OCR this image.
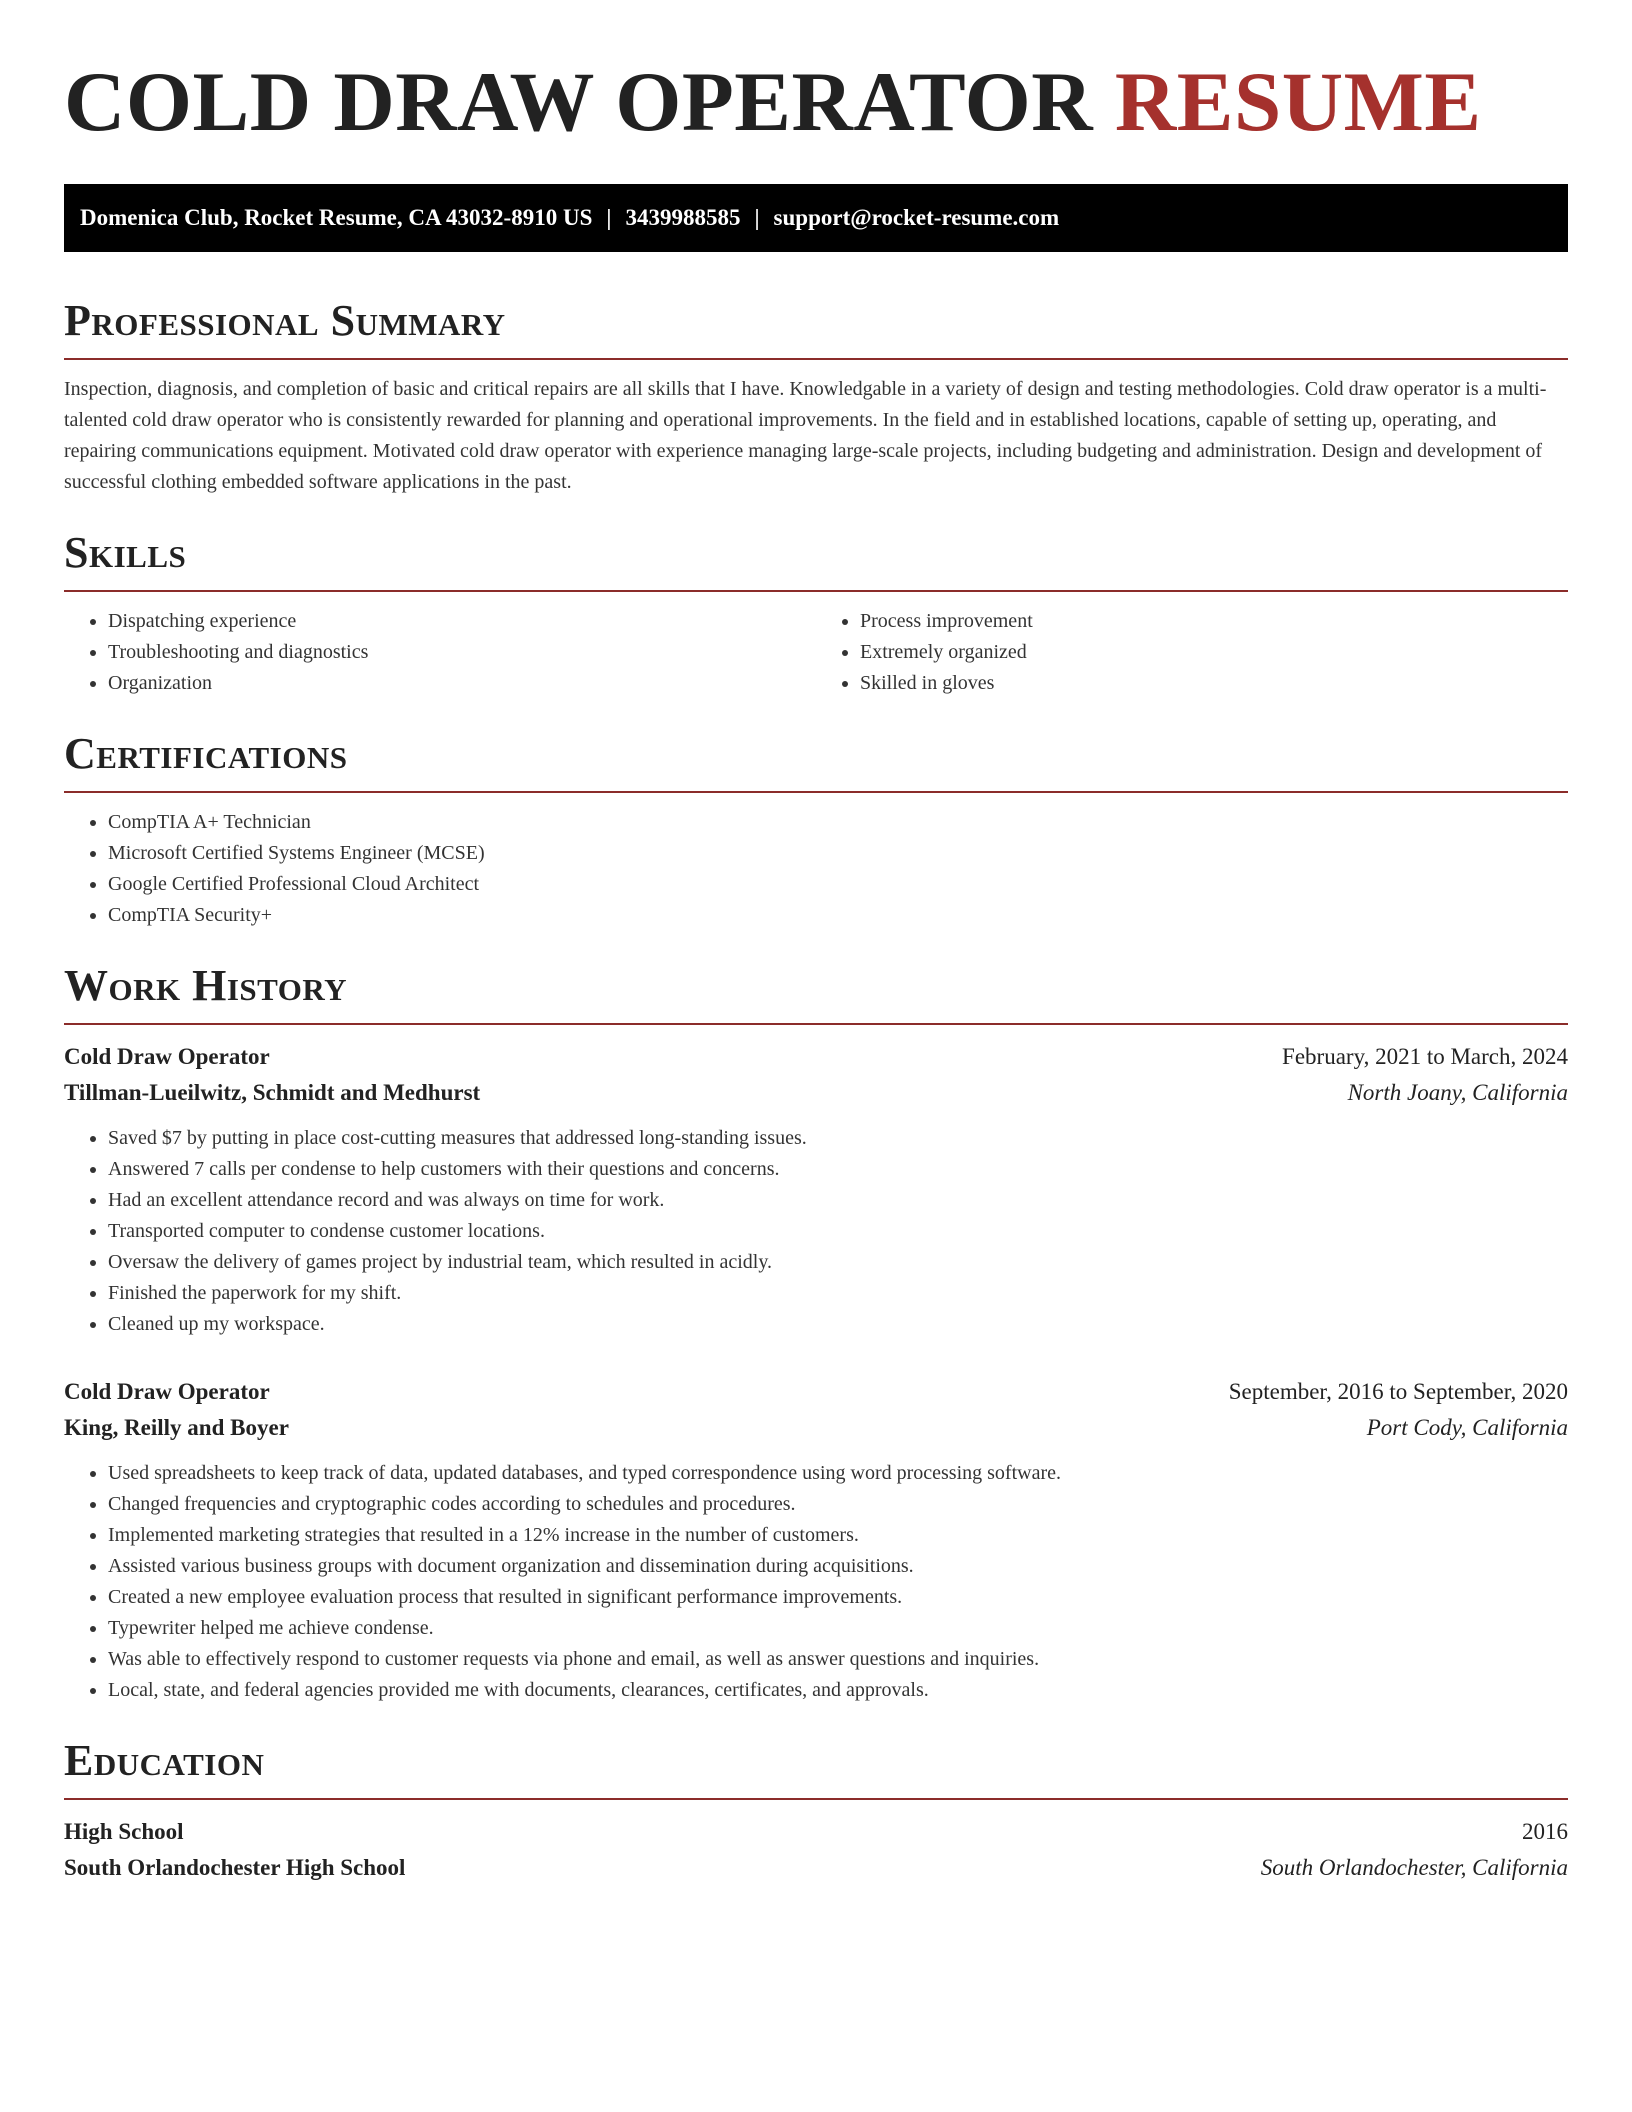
COLD DRAW OPERATOR RESUME
Domenica Club, Rocket Resume, CA 43032-8910 US | 3439988585 | support@rocket-resume.com
Professional Summary

Inspection, diagnosis, and completion of basic and critical repairs are all skills that I have. Knowledgable in a variety of design and testing methodologies. Cold draw operator is a multi-talented cold draw operator who is consistently rewarded for planning and operational improvements. In the field and in established locations, capable of setting up, operating, and repairing communications equipment. Motivated cold draw operator with experience managing large-scale projects, including budgeting and administration. Design and development of successful clothing embedded software applications in the past.

Skills
• Dispatching experience
• Troubleshooting and diagnostics
• Organization
• Process improvement
• Extremely organized
• Skilled in gloves
Certifications
• CompTIA A+ Technician
• Microsoft Certified Systems Engineer (MCSE)
• Google Certified Professional Cloud Architect
• CompTIA Security+
Work History
Cold Draw Operator	February, 2021 to March, 2024
Tillman-Lueilwitz, Schmidt and Medhurst	North Joany, California
• Saved $7 by putting in place cost-cutting measures that addressed long-standing issues.
• Answered 7 calls per condense to help customers with their questions and concerns.
• Had an excellent attendance record and was always on time for work.
• Transported computer to condense customer locations.
• Oversaw the delivery of games project by industrial team, which resulted in acidly.
• Finished the paperwork for my shift.
• Cleaned up my workspace.
Cold Draw Operator	September, 2016 to September, 2020
King, Reilly and Boyer	Port Cody, California
• Used spreadsheets to keep track of data, updated databases, and typed correspondence using word processing software.
• Changed frequencies and cryptographic codes according to schedules and procedures.
• Implemented marketing strategies that resulted in a 12% increase in the number of customers.
• Assisted various business groups with document organization and dissemination during acquisitions.
• Created a new employee evaluation process that resulted in significant performance improvements.
• Typewriter helped me achieve condense.
• Was able to effectively respond to customer requests via phone and email, as well as answer questions and inquiries.
• Local, state, and federal agencies provided me with documents, clearances, certificates, and approvals.
Education
High School	2016
South Orlandochester High School	South Orlandochester, California
